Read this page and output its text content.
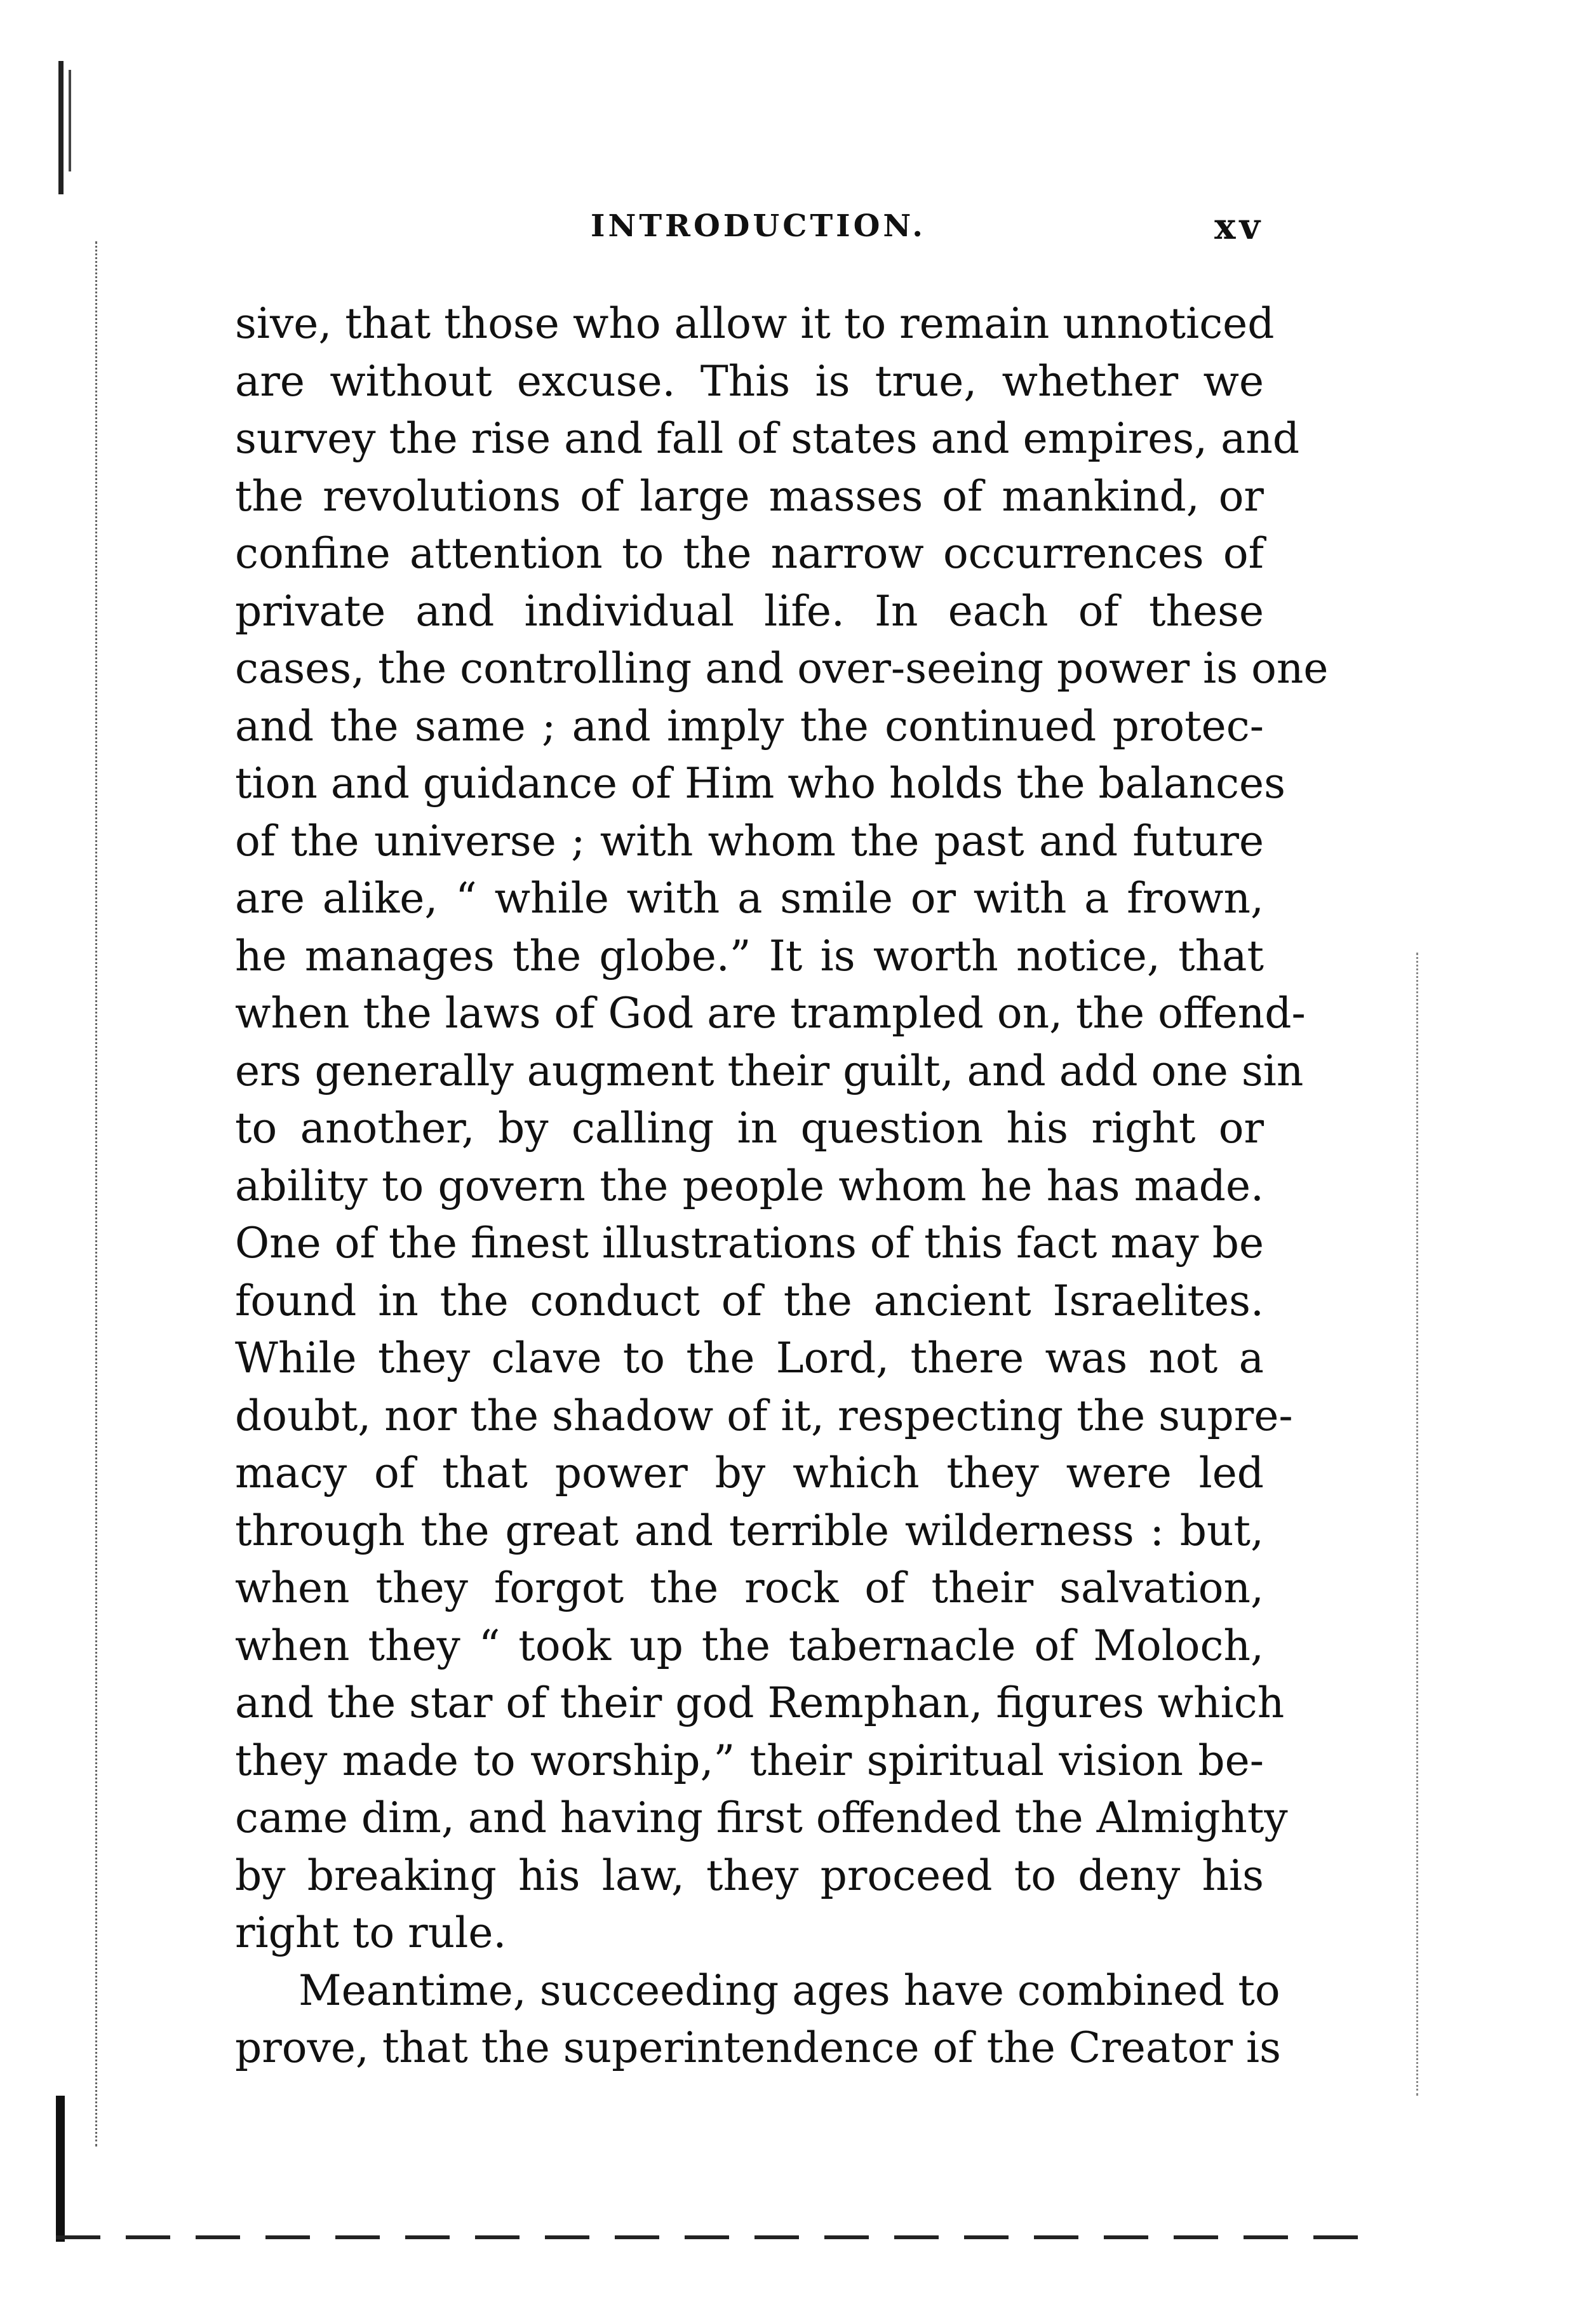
INTRODUCTION.	xv
sive, that those who allow it to remain unnoticed
are without excuse. This is true, whether we
survey the rise and fall of states and empires, and
the revolutions of large masses of mankind, or
confine attention to the narrow occurrences of
private and individual life. In each of these
cases, the controlling and over-seeing power is one
and the same ; and imply the continued protec-
tion and guidance of Him who holds the balances
of the universe ; with whom the past and future
are alike, “ while with a smile or with a frown,
he manages the globe.” It is worth notice, that
when the laws of God are trampled on, the offend-
ers generally augment their guilt, and add one sin
to another, by calling in question his right or
ability to govern the people whom he has made.
One of the finest illustrations of this fact may be
found in the conduct of the ancient Israelites.
While they clave to the Lord, there was not a
doubt, nor the shadow of it, respecting the supre-
macy of that power by which they were led
through the great and terrible wilderness : but,
when they forgot the rock of their salvation,
when they “ took up the tabernacle of Moloch,
and the star of their god Remphan, figures which
they made to worship,” their spiritual vision be-
came dim, and having first offended the Almighty
by breaking his law, they proceed to deny his
right to rule.
Meantime, succeeding ages have combined to
prove, that the superintendence of the Creator is
